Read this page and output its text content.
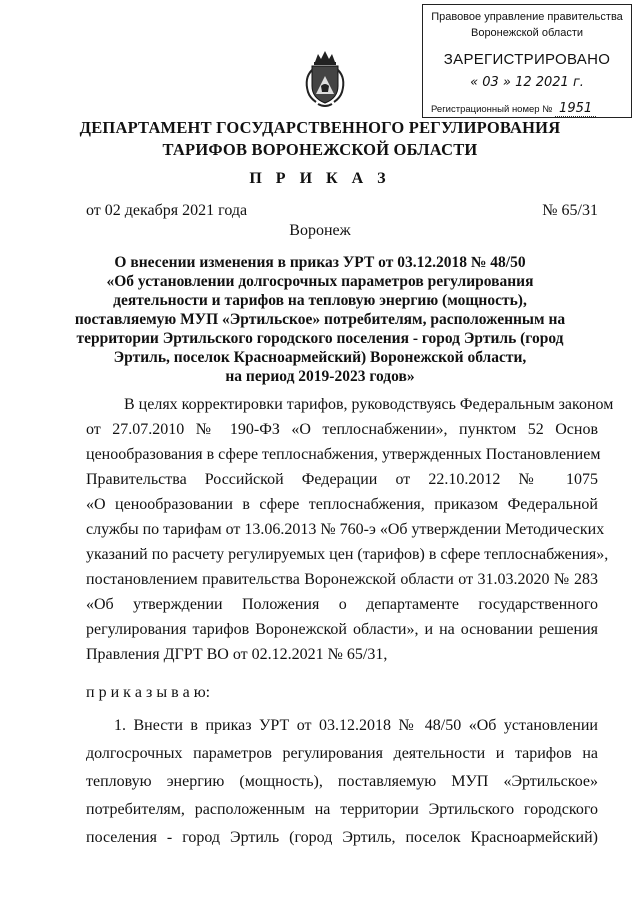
Правовое управление правительства
Воронежской области
ЗАРЕГИСТРИРОВАНО
« 03 » 12 2021 г.
Регистрационный номер № 1951
ДЕПАРТАМЕНТ ГОСУДАРСТВЕННОГО РЕГУЛИРОВАНИЯ
ТАРИФОВ ВОРОНЕЖСКОЙ ОБЛАСТИ
П Р И К А З
от 02 декабря 2021 года	№ 65/31
Воронеж
О внесении изменения в приказ УРТ от 03.12.2018 № 48/50
«Об установлении долгосрочных параметров регулирования
деятельности и тарифов на тепловую энергию (мощность),
поставляемую МУП «Эртильское» потребителям, расположенным на
территории Эртильского городского поселения - город Эртиль (город
Эртиль, поселок Красноармейский) Воронежской области,
на период 2019-2023 годов»
В целях корректировки тарифов, руководствуясь Федеральным законом
от 27.07.2010 № 190-ФЗ «О теплоснабжении», пунктом 52 Основ
ценообразования в сфере теплоснабжения, утвержденных Постановлением
Правительства Российской Федерации от 22.10.2012 № 1075
«О ценообразовании в сфере теплоснабжения, приказом Федеральной
службы по тарифам от 13.06.2013 № 760-э «Об утверждении Методических
указаний по расчету регулируемых цен (тарифов) в сфере теплоснабжения»,
постановлением правительства Воронежской области от 31.03.2020 № 283
«Об утверждении Положения о департаменте государственного
регулирования тарифов Воронежской области», и на основании решения
Правления ДГРТ ВО от 02.12.2021 № 65/31,
п р и к а з ы в а ю:
1. Внести в приказ УРТ от 03.12.2018 № 48/50 «Об установлении
долгосрочных параметров регулирования деятельности и тарифов на
тепловую энергию (мощность), поставляемую МУП «Эртильское»
потребителям, расположенным на территории Эртильского городского
поселения - город Эртиль (город Эртиль, поселок Красноармейский)
